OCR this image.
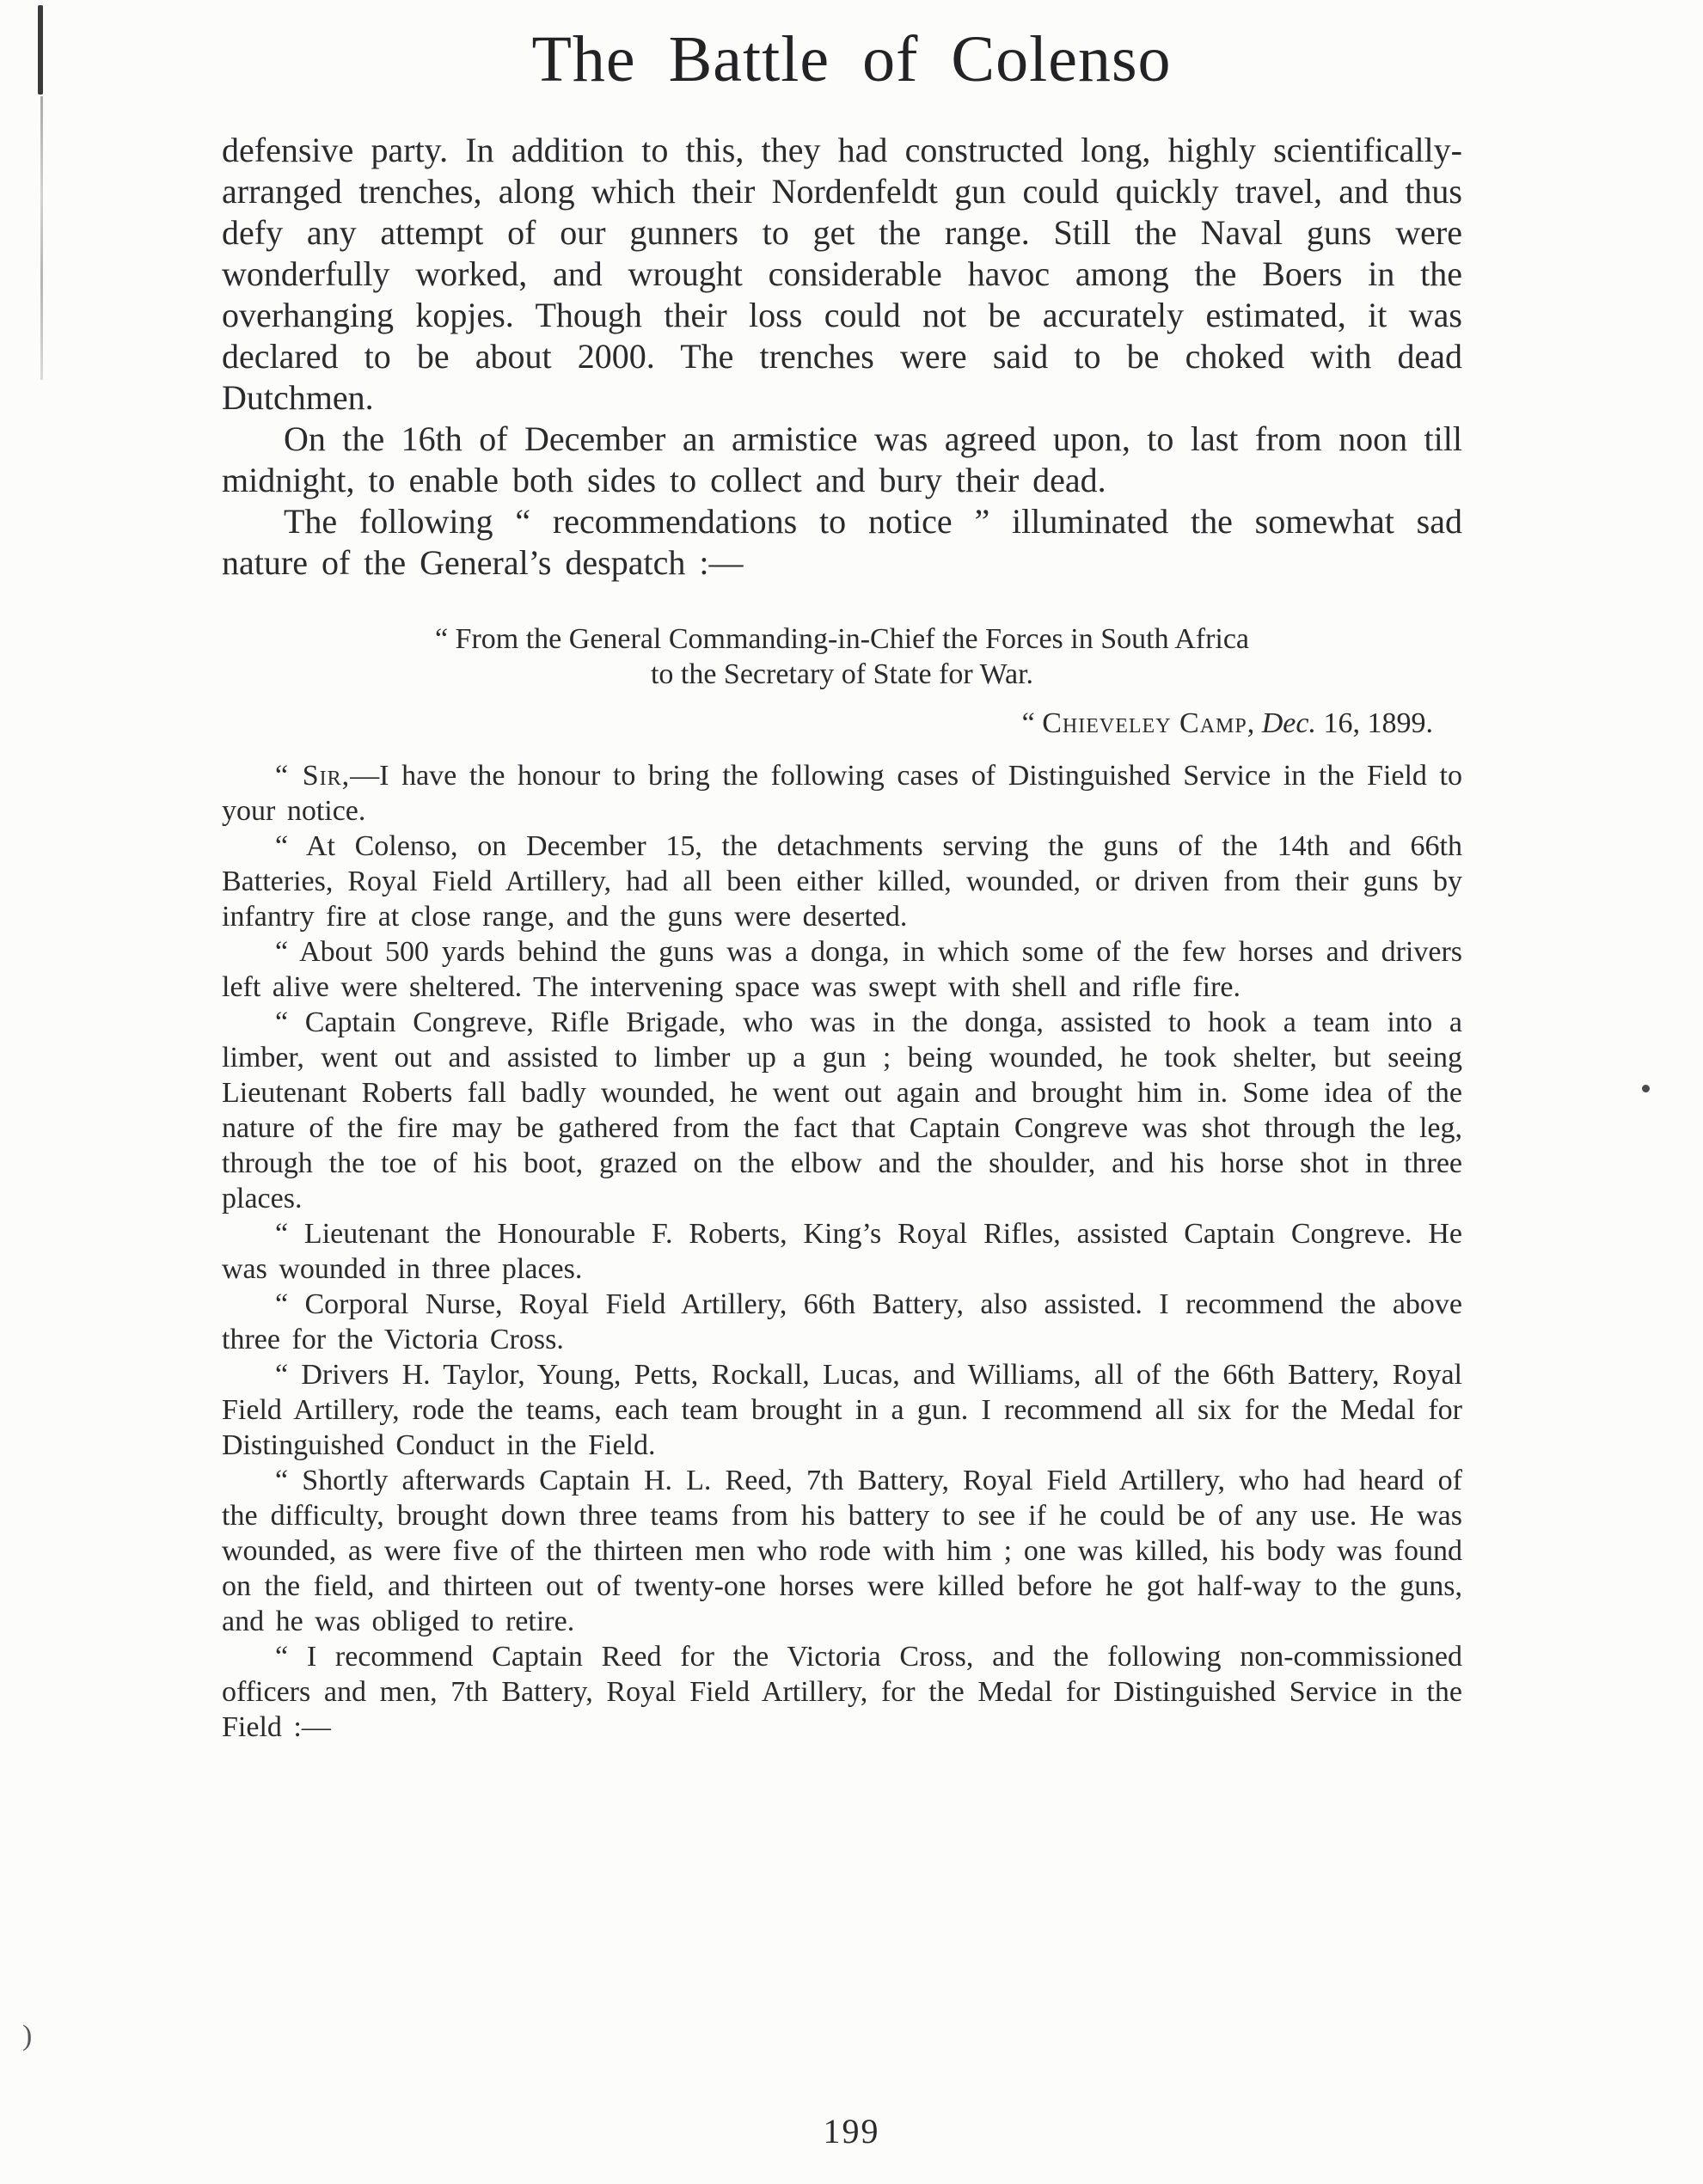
)
The Battle of Colenso

defensive party. In addition to this, they had constructed long, highly scientifically-arranged trenches, along which their Nordenfeldt gun could quickly travel, and thus defy any attempt of our gunners to get the range. Still the Naval guns were wonderfully worked, and wrought considerable havoc among the Boers in the overhanging kopjes. Though their loss could not be accurately estimated, it was declared to be about 2000. The trenches were said to be choked with dead Dutchmen.

On the 16th of December an armistice was agreed upon, to last from noon till midnight, to enable both sides to collect and bury their dead.

The following “ recommendations to notice ” illuminated the somewhat sad nature of the General’s despatch :—

“ From the General Commanding-in-Chief the Forces in South Africa
to the Secretary of State for War.
“ Chieveley Camp, Dec. 16, 1899.

“ Sir,—I have the honour to bring the following cases of Distinguished Service in the Field to your notice.

“ At Colenso, on December 15, the detachments serving the guns of the 14th and 66th Batteries, Royal Field Artillery, had all been either killed, wounded, or driven from their guns by infantry fire at close range, and the guns were deserted.

“ About 500 yards behind the guns was a donga, in which some of the few horses and drivers left alive were sheltered. The intervening space was swept with shell and rifle fire.

“ Captain Congreve, Rifle Brigade, who was in the donga, assisted to hook a team into a limber, went out and assisted to limber up a gun ; being wounded, he took shelter, but seeing Lieutenant Roberts fall badly wounded, he went out again and brought him in. Some idea of the nature of the fire may be gathered from the fact that Captain Congreve was shot through the leg, through the toe of his boot, grazed on the elbow and the shoulder, and his horse shot in three places.

“ Lieutenant the Honourable F. Roberts, King’s Royal Rifles, assisted Captain Congreve. He was wounded in three places.

“ Corporal Nurse, Royal Field Artillery, 66th Battery, also assisted. I recommend the above three for the Victoria Cross.

“ Drivers H. Taylor, Young, Petts, Rockall, Lucas, and Williams, all of the 66th Battery, Royal Field Artillery, rode the teams, each team brought in a gun. I recommend all six for the Medal for Distinguished Conduct in the Field.

“ Shortly afterwards Captain H. L. Reed, 7th Battery, Royal Field Artillery, who had heard of the difficulty, brought down three teams from his battery to see if he could be of any use. He was wounded, as were five of the thirteen men who rode with him ; one was killed, his body was found on the field, and thirteen out of twenty-one horses were killed before he got half-way to the guns, and he was obliged to retire.

“ I recommend Captain Reed for the Victoria Cross, and the following non-commissioned officers and men, 7th Battery, Royal Field Artillery, for the Medal for Distinguished Service in the Field :—

199
